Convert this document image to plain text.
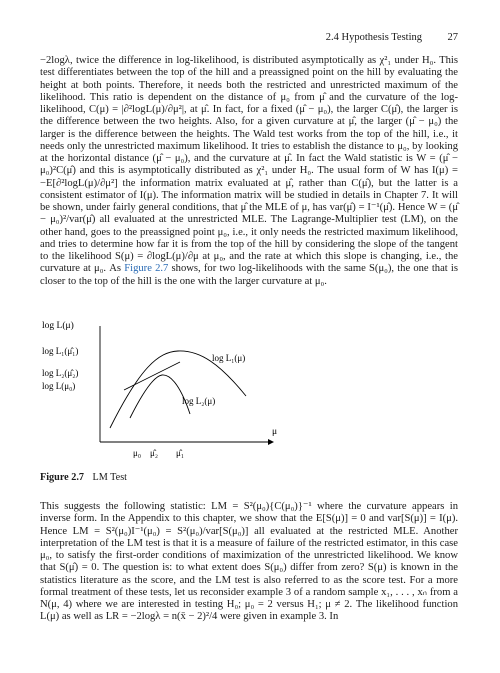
2.4 Hypothesis Testing 27
−2logλ, twice the difference in log-likelihood, is distributed asymptotically as χ²₁ under H₀. This test differentiates between the top of the hill and a preassigned point on the hill by evaluating the height at both points. Therefore, it needs both the restricted and unrestricted maximum of the likelihood. This ratio is dependent on the distance of μ₀ from μ̂ and the curvature of the log-likelihood, C(μ) = |∂²logL(μ)/∂μ²|, at μ̂. In fact, for a fixed (μ̂ − μ₀), the larger C(μ̂), the larger is the difference between the two heights. Also, for a given curvature at μ̂, the larger (μ̂ − μ₀) the larger is the difference between the heights. The Wald test works from the top of the hill, i.e., it needs only the unrestricted maximum likelihood. It tries to establish the distance to μ₀, by looking at the horizontal distance (μ̂ − μ₀), and the curvature at μ̂. In fact the Wald statistic is W = (μ̂ − μ₀)²C(μ̂) and this is asymptotically distributed as χ²₁ under H₀. The usual form of W has I(μ) = −E[∂²logL(μ)/∂μ²] the information matrix evaluated at μ̂, rather than C(μ̂), but the latter is a consistent estimator of I(μ). The information matrix will be studied in details in Chapter 7. It will be shown, under fairly general conditions, that μ̂ the MLE of μ, has var(μ̂) = I⁻¹(μ̂). Hence W = (μ̂ − μ₀)²/var(μ̂) all evaluated at the unrestricted MLE. The Lagrange-Multiplier test (LM), on the other hand, goes to the preassigned point μ₀, i.e., it only needs the restricted maximum likelihood, and tries to determine how far it is from the top of the hill by considering the slope of the tangent to the likelihood S(μ) = ∂logL(μ)/∂μ at μ₀, and the rate at which this slope is changing, i.e., the curvature at μ₀. As Figure 2.7 shows, for two log-likelihoods with the same S(μ₀), the one that is closer to the top of the hill is the one with the larger curvature at μ₀.
log L(μ)
log L₁(μ̂₁)
log L₂(μ̂₂)
log L(μ₀)
log L₁(μ)
log L₂(μ)
μ₀ μ̂₂ μ̂₁
μ
Figure 2.7 LM Test
This suggests the following statistic: LM = S²(μ₀){C(μ₀)}⁻¹ where the curvature appears in inverse form. In the Appendix to this chapter, we show that the E[S(μ)] = 0 and var[S(μ)] = I(μ). Hence LM = S²(μ₀)I⁻¹(μ₀) = S²(μ₀)/var[S(μ₀)] all evaluated at the restricted MLE. Another interpretation of the LM test is that it is a measure of failure of the restricted estimator, in this case μ₀, to satisfy the first-order conditions of maximization of the unrestricted likelihood. We know that S(μ̂) = 0. The question is: to what extent does S(μ₀) differ from zero? S(μ) is known in the statistics literature as the score, and the LM test is also referred to as the score test. For a more formal treatment of these tests, let us reconsider example 3 of a random sample x₁, . . . , xₙ from a N(μ, 4) where we are interested in testing H₀; μ₀ = 2 versus H₁; μ ≠ 2. The likelihood function L(μ) as well as LR = −2logλ = n(x̄ − 2)²/4 were given in example 3. In
